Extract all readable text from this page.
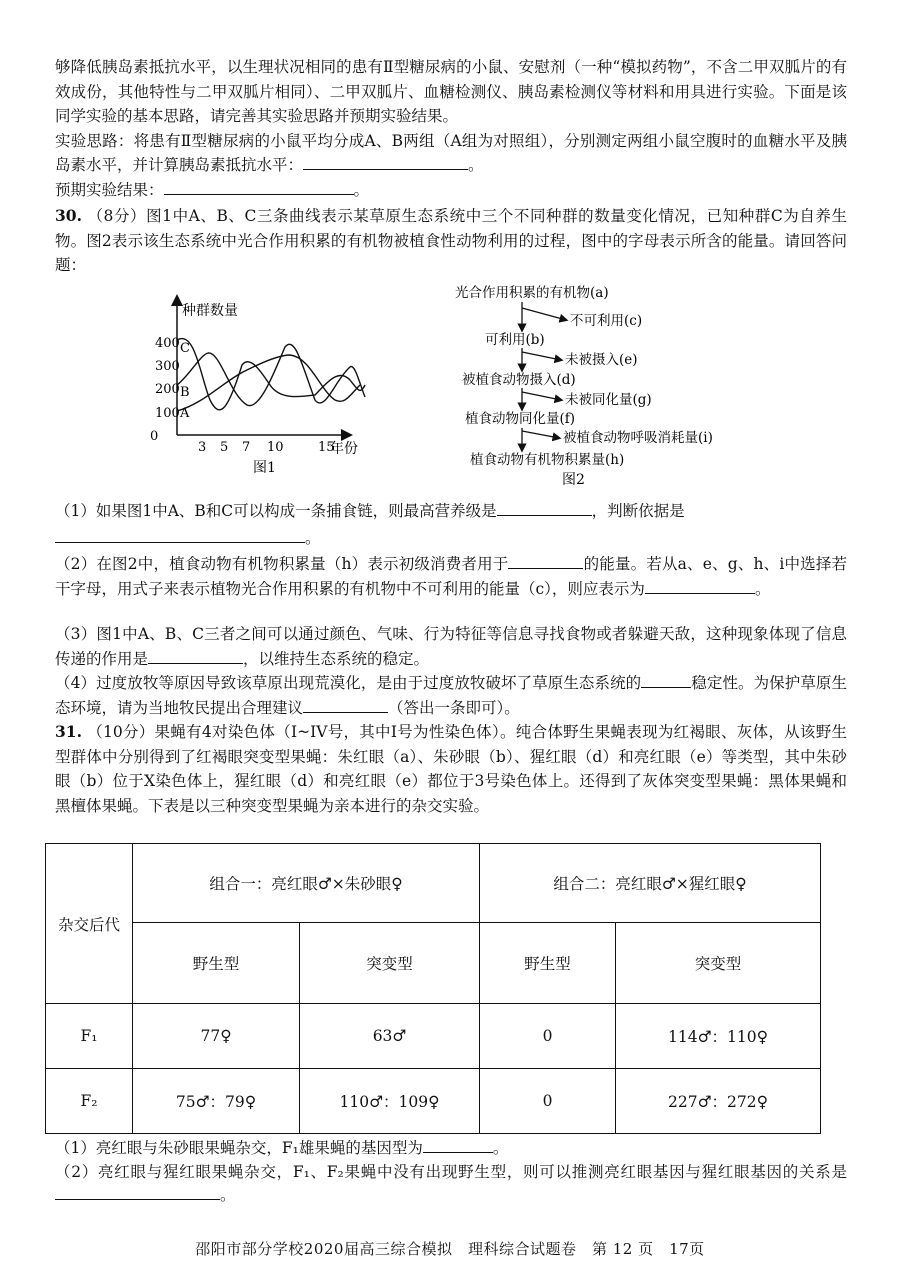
够降低胰岛素抵抗水平，以生理状况相同的患有Ⅱ型糖尿病的小鼠、安慰剂（一种“模拟药物”，不含二甲双胍片的有效成份，其他特性与二甲双胍片相同）、二甲双胍片、血糖检测仪、胰岛素检测仪等材料和用具进行实验。下面是该同学实验的基本思路，请完善其实验思路并预期实验结果。
实验思路：将患有Ⅱ型糖尿病的小鼠平均分成A、B两组（A组为对照组），分别测定两组小鼠空腹时的血糖水平及胰岛素水平，并计算胰岛素抵抗水平：	。
预期实验结果：	。
30. （8分）图1中A、B、C三条曲线表示某草原生态系统中三个不同种群的数量变化情况，已知种群C为自养生物。图2表示该生态系统中光合作用积累的有机物被植食性动物利用的过程，图中的字母表示所含的能量。请回答问题：
种群数量
0
100
200
300
400
3 5 7 10	15
年份
A
B
C
图1
光合作用积累的有机物(a)
可利用(b)
被植食动物摄入(d)
植食动物同化量(f)
植食动物有机物积累量(h)
不可利用(c)
未被摄入(e)
未被同化量(g)
被植食动物呼吸消耗量(i)
图2
（1）如果图1中A、B和C可以构成一条捕食链，则最高营养级是	，判断依据是
。
（2）在图2中，植食动物有机物积累量（h）表示初级消费者用于	的能量。若从a、e、g、h、i中选择若干字母，用式子来表示植物光合作用积累的有机物中不可利用的能量（c），则应表示为	。
（3）图1中A、B、C三者之间可以通过颜色、气味、行为特征等信息寻找食物或者躲避天敌，这种现象体现了信息传递的作用是	，以维持生态系统的稳定。
（4）过度放牧等原因导致该草原出现荒漠化，是由于过度放牧破坏了草原生态系统的	稳定性。为保护草原生态环境，请为当地牧民提出合理建议	（答出一条即可）。
31. （10分）果蝇有4对染色体（I~IV号，其中I号为性染色体）。纯合体野生果蝇表现为红褐眼、灰体，从该野生型群体中分别得到了红褐眼突变型果蝇：朱红眼（a）、朱砂眼（b）、猩红眼（d）和亮红眼（e）等类型，其中朱砂眼（b）位于X染色体上，猩红眼（d）和亮红眼（e）都位于3号染色体上。还得到了灰体突变型果蝇：黑体果蝇和黑檀体果蝇。下表是以三种突变型果蝇为亲本进行的杂交实验。
杂交后代	组合一：亮红眼♂×朱砂眼♀		组合二：亮红眼♂×猩红眼♀	
	野生型	突变型	野生型	突变型
F₁	77♀	63♂	0	114♂：110♀
F₂	75♂：79♀	110♂：109♀	0	227♂：272♀
（1）亮红眼与朱砂眼果蝇杂交，F₁雄果蝇的基因型为	。
（2）亮红眼与猩红眼果蝇杂交，F₁、F₂果蝇中没有出现野生型，则可以推测亮红眼基因与猩红眼基因的关系是。
邵阳市部分学校2020届高三综合模拟　理科综合试题卷　第 12 页　17页
